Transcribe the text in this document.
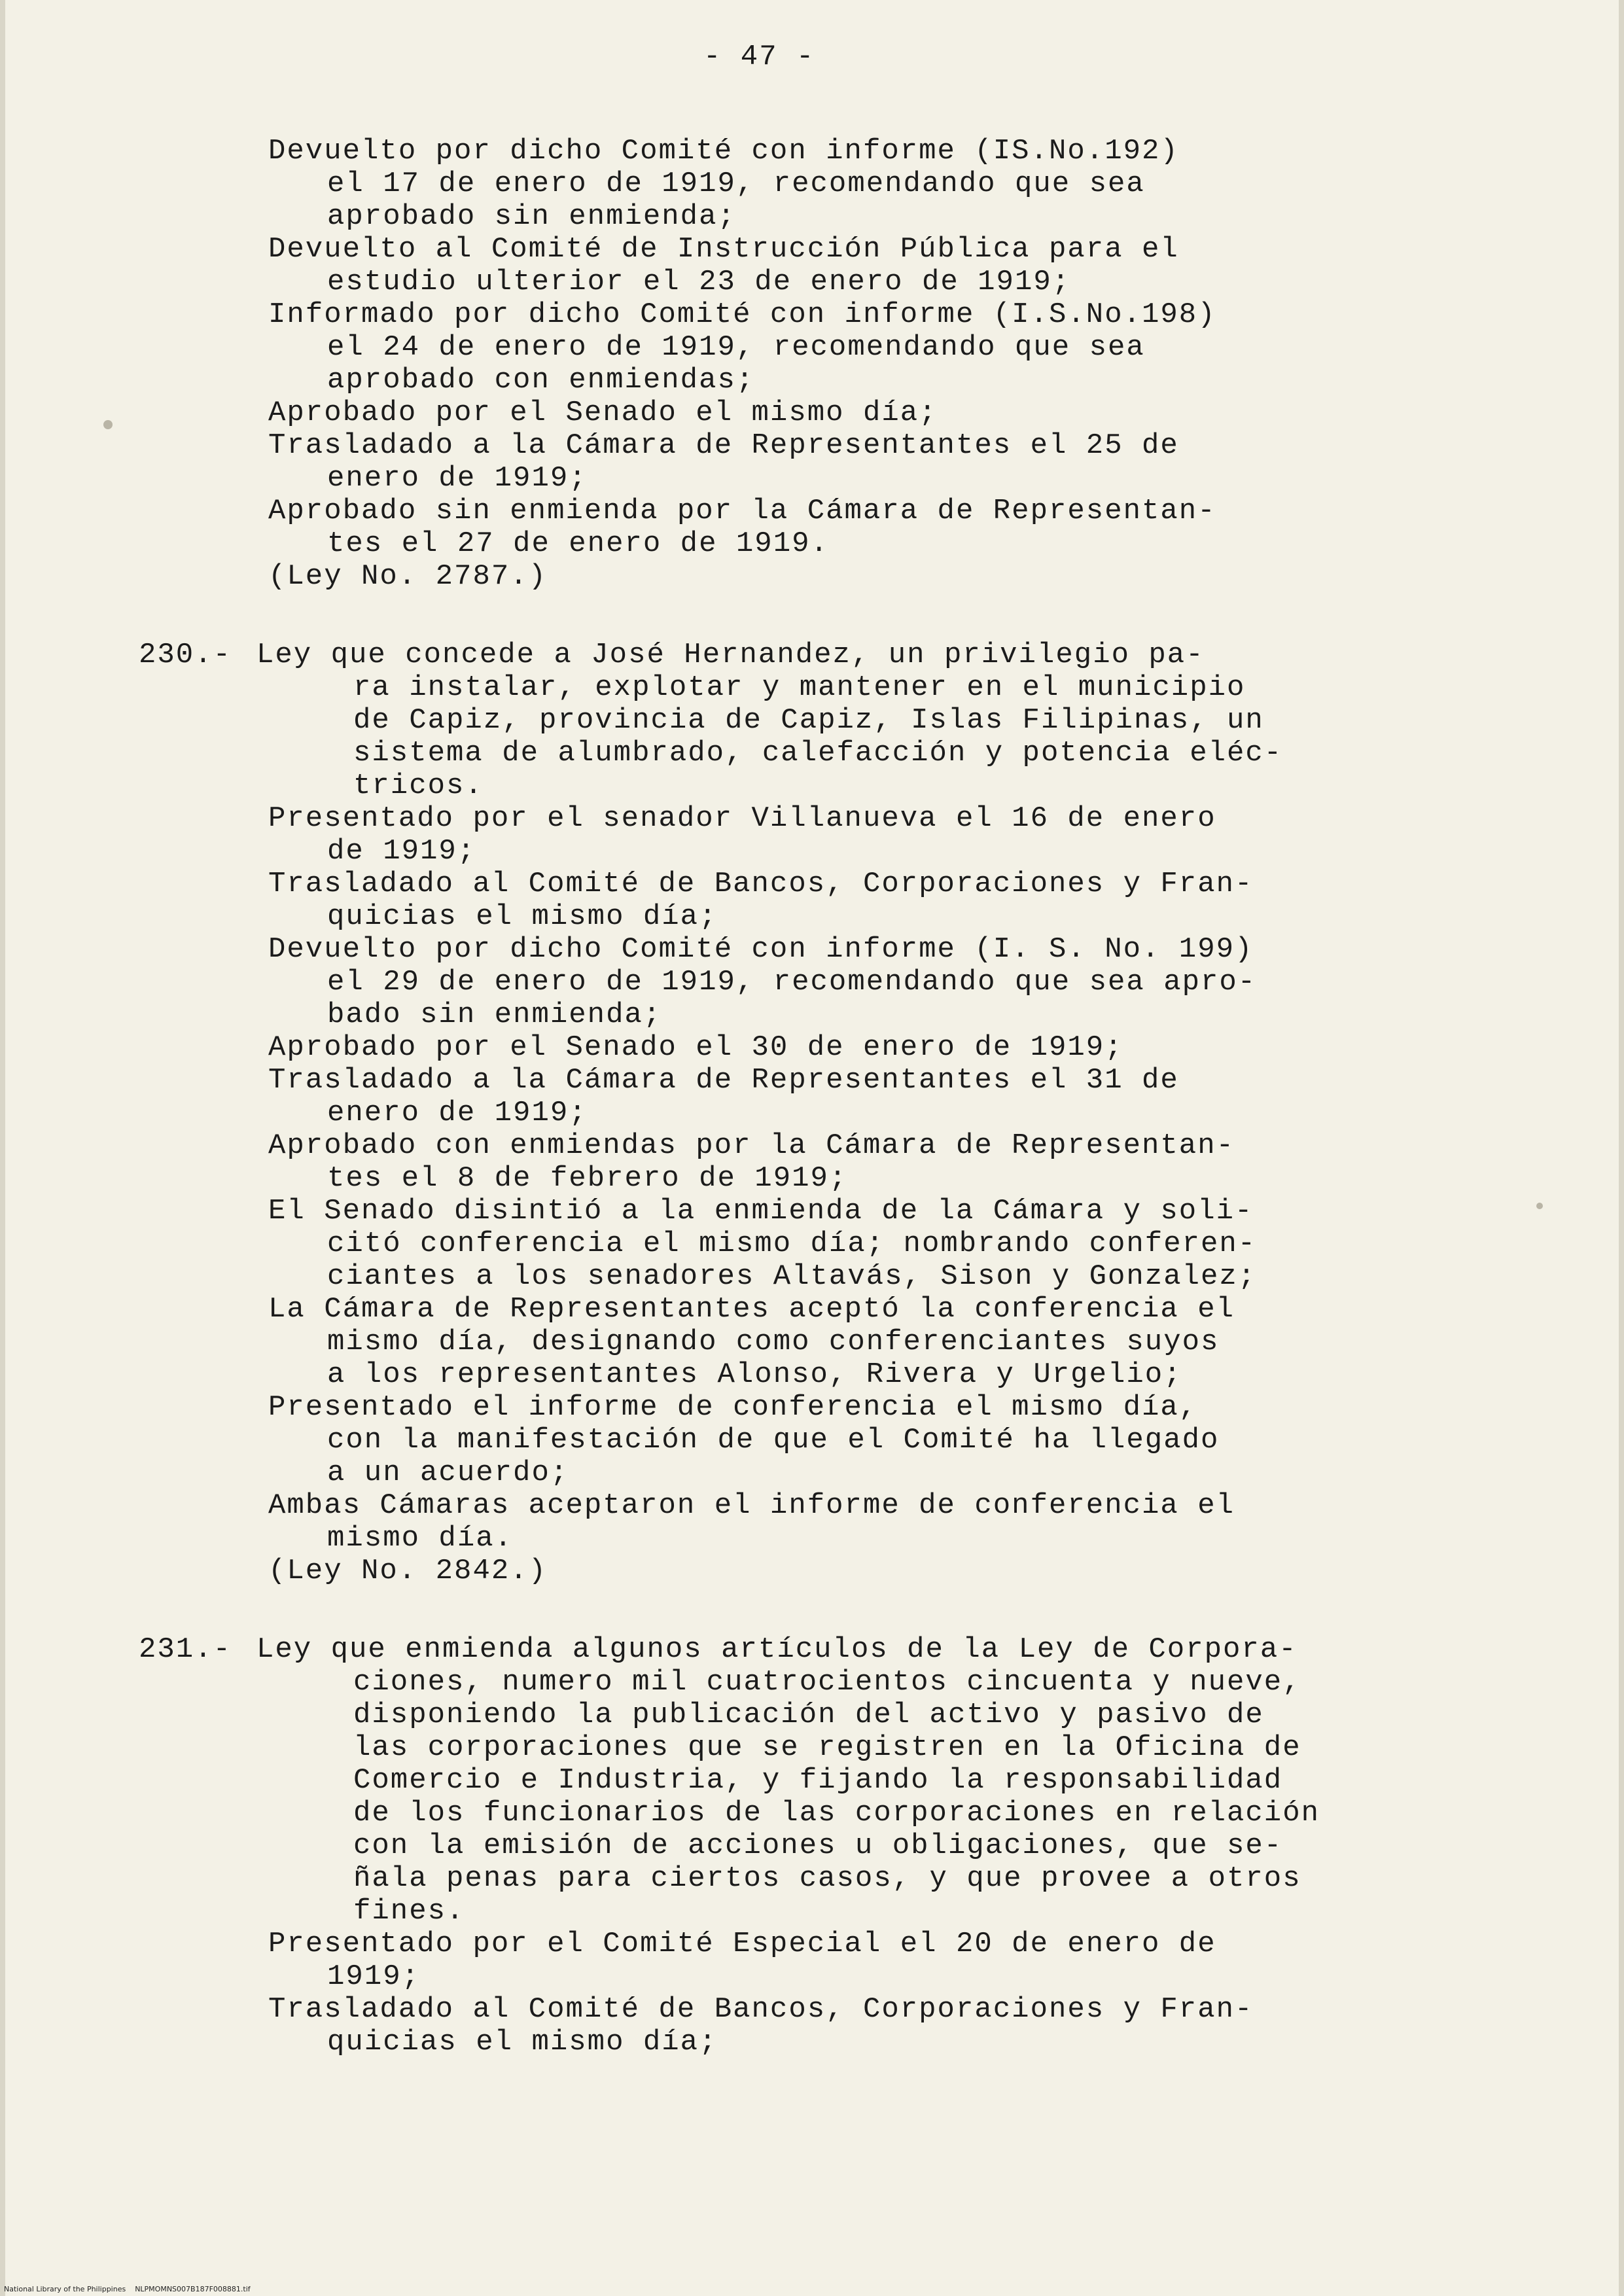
- 47 -
Devuelto por dicho Comité con informe (IS.No.192)
el 17 de enero de 1919, recomendando que sea
aprobado sin enmienda;
Devuelto al Comité de Instrucción Pública para el
estudio ulterior el 23 de enero de 1919;
Informado por dicho Comité con informe (I.S.No.198)
el 24 de enero de 1919, recomendando que sea
aprobado con enmiendas;
Aprobado por el Senado el mismo día;
Trasladado a la Cámara de Representantes el 25 de
enero de 1919;
Aprobado sin enmienda por la Cámara de Representan-
tes el 27 de enero de 1919.
(Ley No. 2787.)
230.- Ley que concede a José Hernandez, un privilegio pa-
ra instalar, explotar y mantener en el municipio
de Capiz, provincia de Capiz, Islas Filipinas, un
sistema de alumbrado, calefacción y potencia eléc-
tricos.
Presentado por el senador Villanueva el 16 de enero
de 1919;
Trasladado al Comité de Bancos, Corporaciones y Fran-
quicias el mismo día;
Devuelto por dicho Comité con informe (I. S. No. 199)
el 29 de enero de 1919, recomendando que sea apro-
bado sin enmienda;
Aprobado por el Senado el 30 de enero de 1919;
Trasladado a la Cámara de Representantes el 31 de
enero de 1919;
Aprobado con enmiendas por la Cámara de Representan-
tes el 8 de febrero de 1919;
El Senado disintió a la enmienda de la Cámara y soli-
citó conferencia el mismo día; nombrando conferen-
ciantes a los senadores Altavás, Sison y Gonzalez;
La Cámara de Representantes aceptó la conferencia el
mismo día, designando como conferenciantes suyos
a los representantes Alonso, Rivera y Urgelio;
Presentado el informe de conferencia el mismo día,
con la manifestación de que el Comité ha llegado
a un acuerdo;
Ambas Cámaras aceptaron el informe de conferencia el
mismo día.
(Ley No. 2842.)
231.- Ley que enmienda algunos artículos de la Ley de Corpora-
ciones, numero mil cuatrocientos cincuenta y nueve,
disponiendo la publicación del activo y pasivo de
las corporaciones que se registren en la Oficina de
Comercio e Industria, y fijando la responsabilidad
de los funcionarios de las corporaciones en relación
con la emisión de acciones u obligaciones, que se-
ñala penas para ciertos casos, y que provee a otros
fines.
Presentado por el Comité Especial el 20 de enero de
1919;
Trasladado al Comité de Bancos, Corporaciones y Fran-
quicias el mismo día;
National Library of the Philippines    NLPMOMNS007B187F008881.tif
